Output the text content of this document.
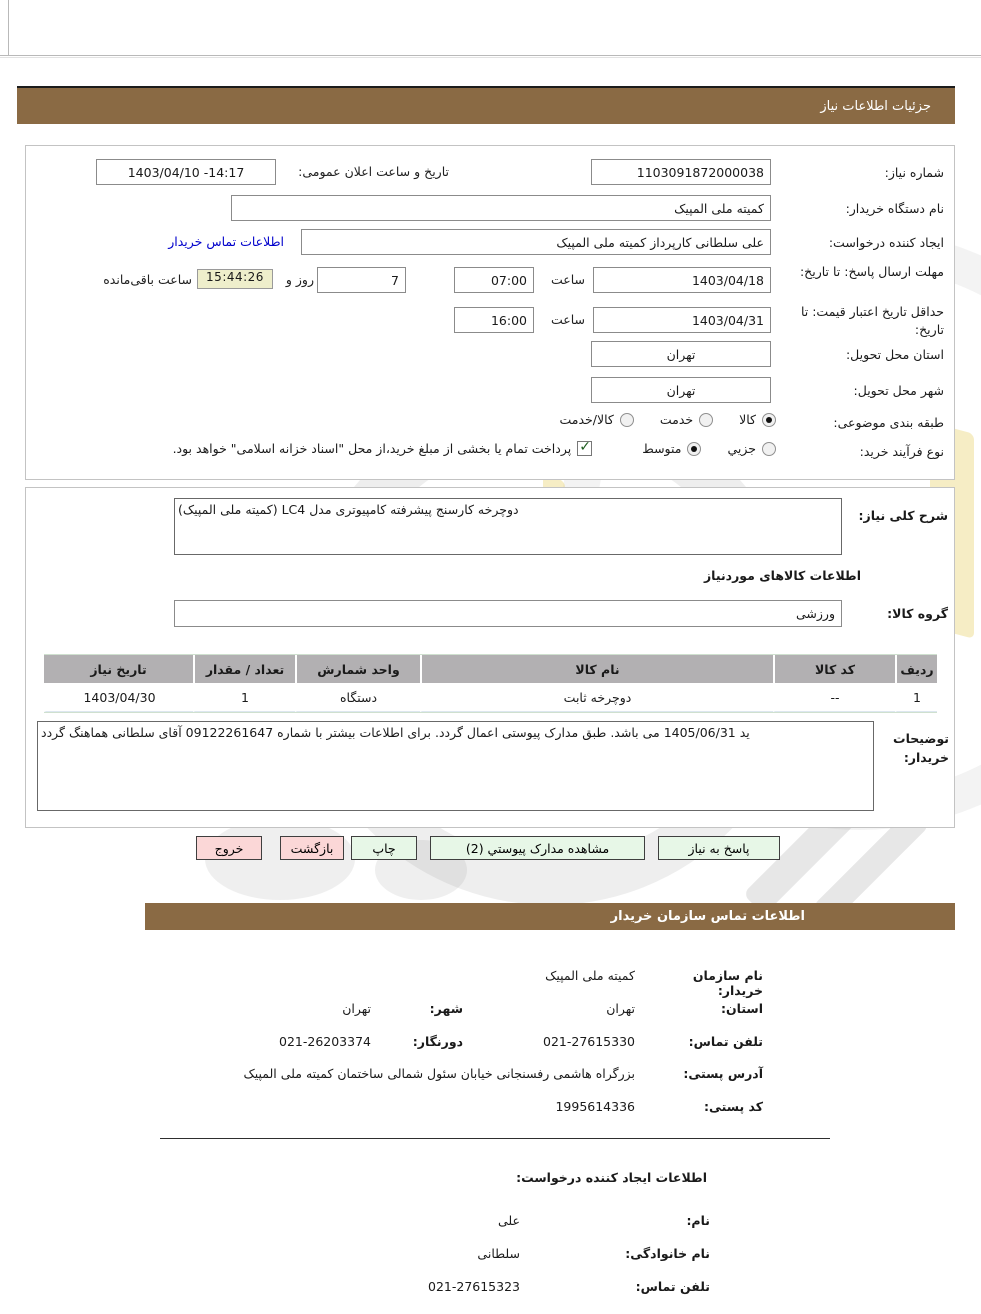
جزئیات اطلاعات نیاز
شماره نیاز:
1103091872000038
تاریخ و ساعت اعلان عمومی:
1403/04/10 -14:17
نام دستگاه خریدار:
کمیته ملی المپیک
ایجاد کننده درخواست:
علی سلطانی کارپرداز کمیته ملی المپیک
اطلاعات تماس خریدار
مهلت ارسال پاسخ: تا تاریخ:
1403/04/18
ساعت
07:00
7
روز و
15:44:26
ساعت باقی‌مانده
حداقل تاریخ اعتبار قیمت: تا تاریخ:
1403/04/31
ساعت
16:00
استان محل تحویل:
تهران
شهر محل تحویل:
تهران
طبقه بندی موضوعی:
کالا
خدمت
کالا/خدمت
نوع فرآیند خرید:
جزیي
متوسط
✓
پرداخت تمام یا بخشی از مبلغ خرید،از محل "اسناد خزانه اسلامی" خواهد بود.
شرح کلی نیاز:
دوچرخه کارسنج پیشرفته کامپیوتری مدل LC4 (کمیته ملی المپیک)
اطلاعات کالاهای موردنیاز
گروه کالا:
ورزشی
ردیف
کد کالا
نام کالا
واحد شمارش
تعداد / مقدار
تاریخ نیاز
1
--
دوچرخه ثابت
دستگاه
1
1403/04/30
توضیحات خریدار:
ید 1405/06/31 می باشد. طبق مدارک پیوستی اعمال گردد. برای اطلاعات بیشتر با شماره 09122261647 آقای سلطانی هماهنگ گردد
پاسخ به نیاز
مشاهده مدارک پیوستي (2)
چاپ
بازگشت
خروج
اطلاعات تماس سازمان خریدار
نام سازمان خریدار:
کمیته ملی المپیک
استان:
تهران
شهر:
تهران
تلفن تماس:
021-27615330
دورنگار:
021-26203374
آدرس پستی:
بزرگراه هاشمی رفسنجانی خیابان سئول شمالی ساختمان کمیته ملی المپیک
کد پستی:
1995614336
اطلاعات ایجاد کننده درخواست:
نام:
علی
نام خانوادگی:
سلطانی
تلفن تماس:
021-27615323
